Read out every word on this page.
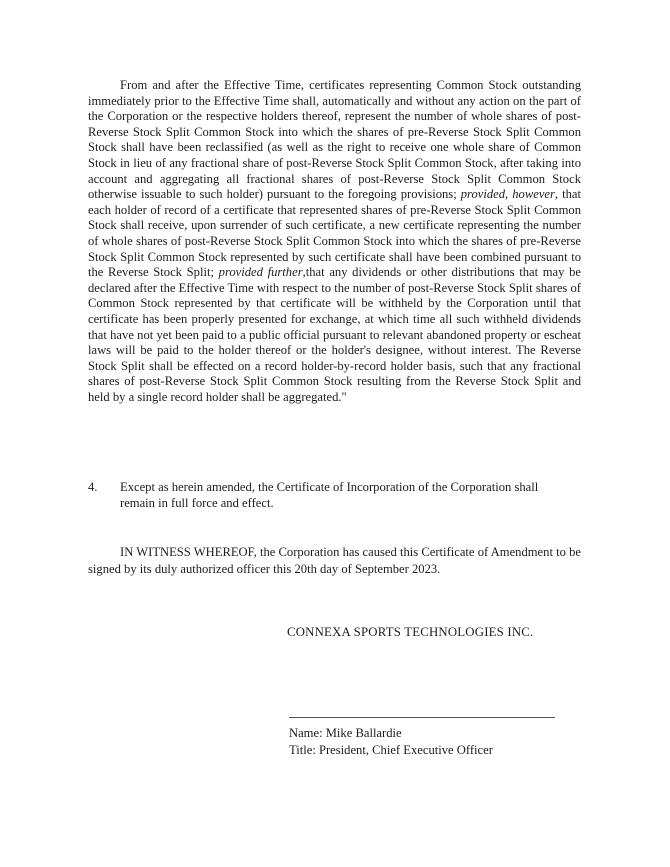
From and after the Effective Time, certificates representing Common Stock outstanding immediately prior to the Effective Time shall, automatically and without any action on the part of the Corporation or the respective holders thereof, represent the number of whole shares of post-Reverse Stock Split Common Stock into which the shares of pre-Reverse Stock Split Common Stock shall have been reclassified (as well as the right to receive one whole share of Common Stock in lieu of any fractional share of post-Reverse Stock Split Common Stock, after taking into account and aggregating all fractional shares of post-Reverse Stock Split Common Stock otherwise issuable to such holder) pursuant to the foregoing provisions; provided, however, that each holder of record of a certificate that represented shares of pre-Reverse Stock Split Common Stock shall receive, upon surrender of such certificate, a new certificate representing the number of whole shares of post-Reverse Stock Split Common Stock into which the shares of pre-Reverse Stock Split Common Stock represented by such certificate shall have been combined pursuant to the Reverse Stock Split; provided further,that any dividends or other distributions that may be declared after the Effective Time with respect to the number of post-Reverse Stock Split shares of Common Stock represented by that certificate will be withheld by the Corporation until that certificate has been properly presented for exchange, at which time all such withheld dividends that have not yet been paid to a public official pursuant to relevant abandoned property or escheat laws will be paid to the holder thereof or the holder's designee, without interest. The Reverse Stock Split shall be effected on a record holder-by-record holder basis, such that any fractional shares of post-Reverse Stock Split Common Stock resulting from the Reverse Stock Split and held by a single record holder shall be aggregated."

4. Except as herein amended, the Certificate of Incorporation of the Corporation shall remain in full force and effect.
IN WITNESS WHEREOF, the Corporation has caused this Certificate of Amendment to be signed by its duly authorized officer this 20th day of September 2023.
CONNEXA SPORTS TECHNOLOGIES INC.
Name: Mike Ballardie
Title: President, Chief Executive Officer
